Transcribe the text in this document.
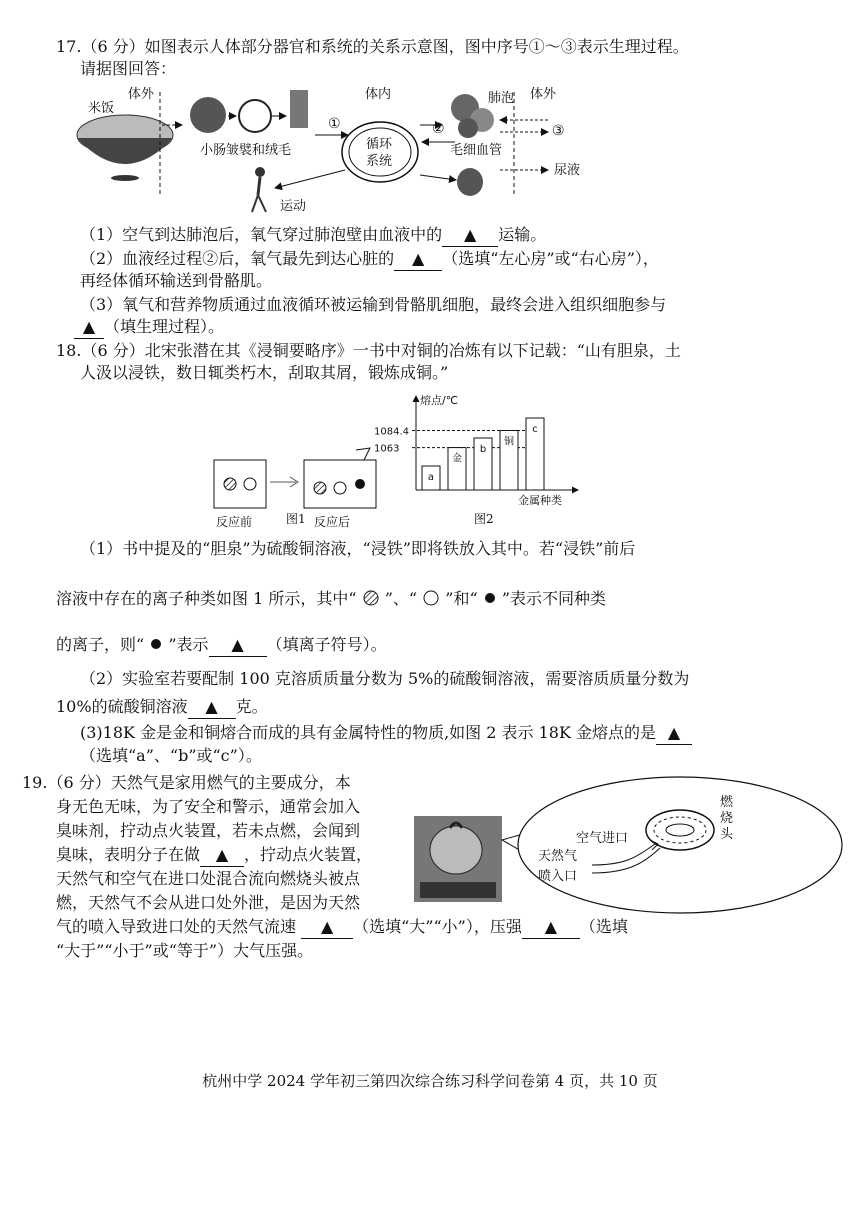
17.（6 分）如图表示人体部分器官和系统的关系示意图，图中序号①～③表示生理过程。
请据图回答：
米饭
体外
小肠皱襞和绒毛
体内
①
循环
系统
②
肺泡
毛细血管
体外
③
尿液
运动
（1）空气到达肺泡后，氧气穿过肺泡壁由血液中的 ▲ 运输。
（2）血液经过程②后，氧气最先到达心脏的 ▲ （选填“左心房”或“右心房”），
再经体循环输送到骨骼肌。
（3）氧气和营养物质通过血液循环被运输到骨骼肌细胞，最终会进入组织细胞参与
▲ （填生理过程）。
18.（6 分）北宋张潜在其《浸铜要略序》一书中对铜的冶炼有以下记载：“山有胆泉，土
人汲以浸铁，数日辄类朽木，刮取其屑，锻炼成铜。”
反应前	反应后
图1
熔点/℃
金属种类
1063
1084.4
a
金
b
铜
c
图2
（1）书中提及的“胆泉”为硫酸铜溶液，“浸铁”即将铁放入其中。若“浸铁”前后
溶液中存在的离子种类如图 1 所示，其中“ ”、“ ”和“ ”表示不同种类
的离子，则“ ”表示 ▲ （填离子符号）。
（2）实验室若要配制 100 克溶质质量分数为 5%的硫酸铜溶液，需要溶质质量分数为
10%的硫酸铜溶液 ▲ 克。
(3)18K 金是金和铜熔合而成的具有金属特性的物质,如图 2 表示 18K 金熔点的是 ▲
（选填“a”、“b”或“c”）。
19.（6 分）天然气是家用燃气的主要成分，本
身无色无味，为了安全和警示，通常会加入
臭味剂，拧动点火装置，若未点燃，会闻到
臭味，表明分子在做 ▲ ，拧动点火装置，
天然气和空气在进口处混合流向燃烧头被点
燃，天然气不会从进口处外泄，是因为天然
气的喷入导致进口处的天然气流速 ▲ （选填“大”“小”），压强 ▲ （选填
“大于”“小于”或“等于”）大气压强。
燃
烧
头
空气进口
天然气
喷入口
杭州中学 2024 学年初三第四次综合练习科学问卷第 4 页，共 10 页
